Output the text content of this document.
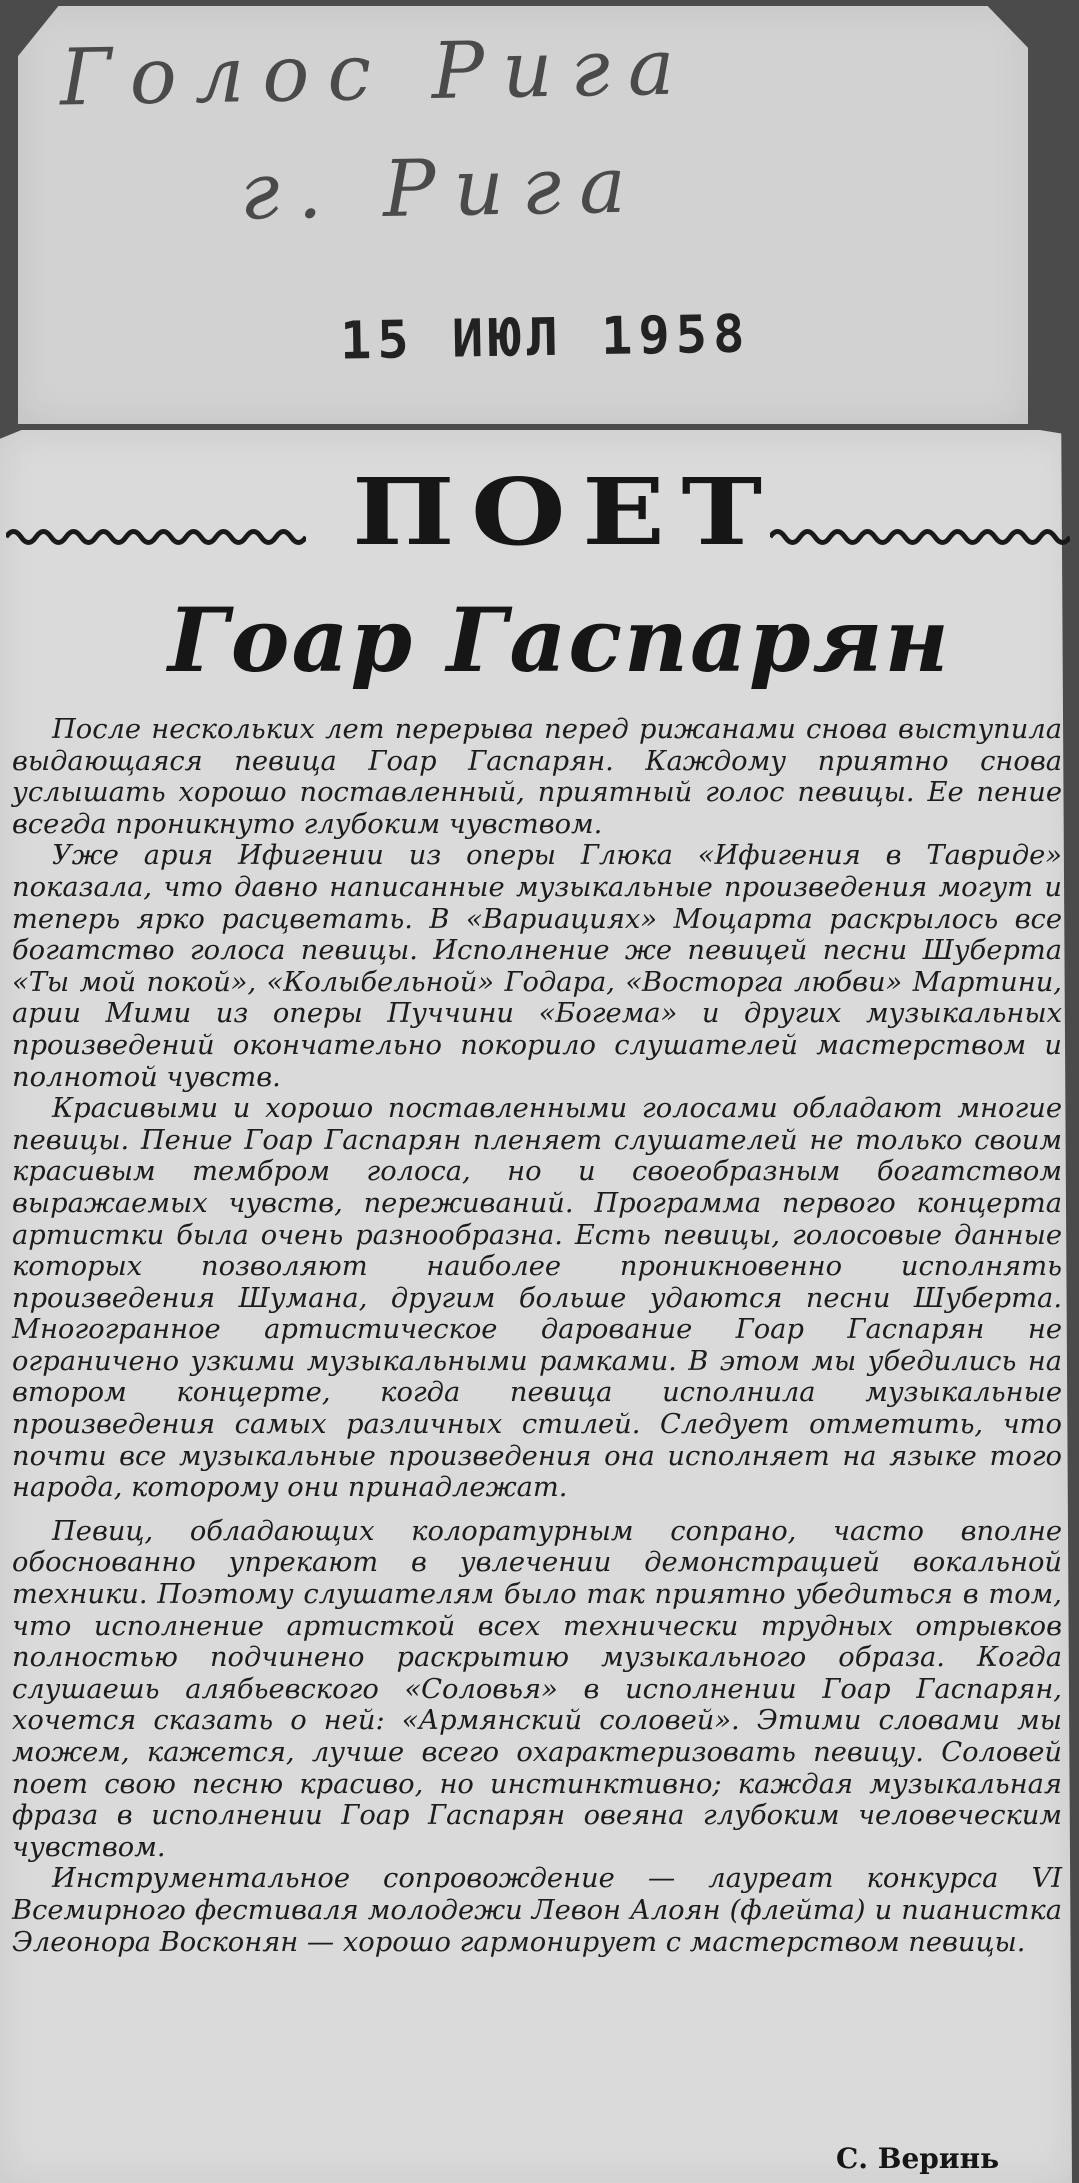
Голос Рига
г. Рига
15 ИЮЛ 1958
ПОЕТ
Гоар Гаспарян

После нескольких лет перерыва перед рижанами снова выступила выдающаяся певица Гоар Гаспарян. Каждому приятно снова услышать хорошо поставленный, приятный голос певицы. Ее пение всегда проникнуто глубоким чувством.

Уже ария Ифигении из оперы Глюка «Ифигения в Тавриде» показала, что давно написанные музыкальные произведения могут и теперь ярко расцветать. В «Вариациях» Моцарта раскрылось все богатство голоса певицы. Исполнение же певицей песни Шуберта «Ты мой покой», «Колыбельной» Годара, «Восторга любви» Мартини, арии Мими из оперы Пуччини «Богема» и других музыкальных произведений окончательно покорило слушателей мастерством и полнотой чувств.

Красивыми и хорошо поставленными голосами обладают многие певицы. Пение Гоар Гаспарян пленяет слушателей не только своим красивым тембром голоса, но и своеобразным богатством выражаемых чувств, переживаний. Программа первого концерта артистки была очень разнообразна. Есть певицы, голосовые данные которых позволяют наиболее проникновенно исполнять произведения Шумана, другим больше удаются песни Шуберта. Многогранное артистическое дарование Гоар Гаспарян не ограничено узкими музыкальными рамками. В этом мы убедились на втором концерте, когда певица исполнила музыкальные произведения самых различных стилей. Следует отметить, что почти все музыкальные произведения она исполняет на языке того народа, которому они принадлежат.

Певиц, обладающих колоратурным сопрано, часто вполне обоснованно упрекают в увлечении демонстрацией вокальной техники. Поэтому слушателям было так приятно убедиться в том, что исполнение артисткой всех технически трудных отрывков полностью подчинено раскрытию музыкального образа. Когда слушаешь алябьевского «Соловья» в исполнении Гоар Гаспарян, хочется сказать о ней: «Армянский соловей». Этими словами мы можем, кажется, лучше всего охарактеризовать певицу. Соловей поет свою песню красиво, но инстинктивно; каждая музыкальная фраза в исполнении Гоар Гаспарян овеяна глубоким человеческим чувством.

Инструментальное сопровождение — лауреат конкурса VI Всемирного фестиваля молодежи Левон Алоян (флейта) и пианистка Элеонора Восконян — хорошо гармонирует с мастерством певицы.

С. Веринь
